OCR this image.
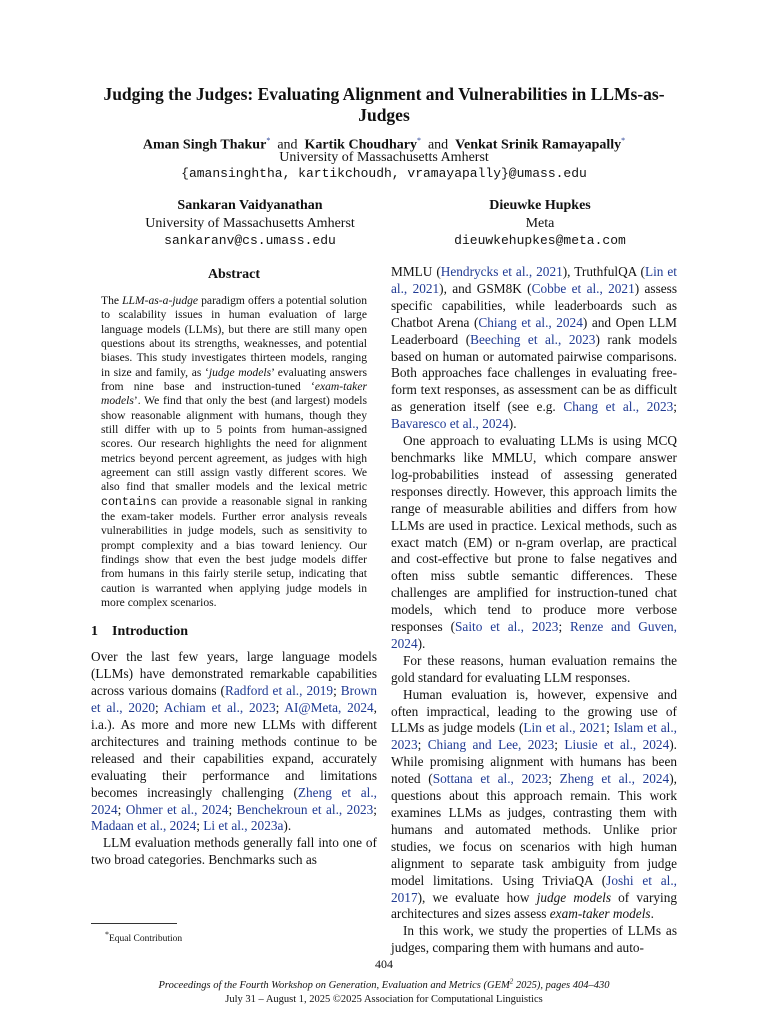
Judging the Judges: Evaluating Alignment and Vulnerabilities in LLMs-as-Judges
Aman Singh Thakur* and Kartik Choudhary* and Venkat Srinik Ramayapally*
University of Massachusetts Amherst
{amansinghtha, kartikchoudh, vramayapally}@umass.edu
Sankaran Vaidyanathan
University of Massachusetts Amherst
sankaranv@cs.umass.edu
Dieuwke Hupkes
Meta
dieuwkehupkes@meta.com
Abstract
The LLM-as-a-judge paradigm offers a potential solution to scalability issues in human evaluation of large language models (LLMs), but there are still many open questions about its strengths, weaknesses, and potential biases. This study investigates thirteen models, ranging in size and family, as ‘judge models’ evaluating answers from nine base and instruction-tuned ‘exam-taker models’. We find that only the best (and largest) models show reasonable alignment with humans, though they still differ with up to 5 points from human-assigned scores. Our research highlights the need for alignment metrics beyond percent agreement, as judges with high agreement can still assign vastly different scores. We also find that smaller models and the lexical metric contains can provide a reasonable signal in ranking the exam-taker models. Further error analysis reveals vulnerabilities in judge models, such as sensitivity to prompt complexity and a bias toward leniency. Our findings show that even the best judge models differ from humans in this fairly sterile setup, indicating that caution is warranted when applying judge models in more complex scenarios.
1 Introduction

Over the last few years, large language models (LLMs) have demonstrated remarkable capabilities across various domains (Radford et al., 2019; Brown et al., 2020; Achiam et al., 2023; AI@Meta, 2024, i.a.). As more and more new LLMs with different architectures and training methods continue to be released and their capabilities expand, accurately evaluating their performance and limitations becomes increasingly challenging (Zheng et al., 2024; Ohmer et al., 2024; Benchekroun et al., 2023; Madaan et al., 2024; Li et al., 2023a).

LLM evaluation methods generally fall into one of two broad categories. Benchmarks such as

MMLU (Hendrycks et al., 2021), TruthfulQA (Lin et al., 2021), and GSM8K (Cobbe et al., 2021) assess specific capabilities, while leaderboards such as Chatbot Arena (Chiang et al., 2024) and Open LLM Leaderboard (Beeching et al., 2023) rank models based on human or automated pairwise comparisons. Both approaches face challenges in evaluating free-form text responses, as assessment can be as difficult as generation itself (see e.g. Chang et al., 2023; Bavaresco et al., 2024).

One approach to evaluating LLMs is using MCQ benchmarks like MMLU, which compare answer log-probabilities instead of assessing generated responses directly. However, this approach limits the range of measurable abilities and differs from how LLMs are used in practice. Lexical methods, such as exact match (EM) or n-gram overlap, are practical and cost-effective but prone to false negatives and often miss subtle semantic differences. These challenges are amplified for instruction-tuned chat models, which tend to produce more verbose responses (Saito et al., 2023; Renze and Guven, 2024).

For these reasons, human evaluation remains the gold standard for evaluating LLM responses.

Human evaluation is, however, expensive and often impractical, leading to the growing use of LLMs as judge models (Lin et al., 2021; Islam et al., 2023; Chiang and Lee, 2023; Liusie et al., 2024). While promising alignment with humans has been noted (Sottana et al., 2023; Zheng et al., 2024), questions about this approach remain. This work examines LLMs as judges, contrasting them with humans and automated methods. Unlike prior studies, we focus on scenarios with high human alignment to separate task ambiguity from judge model limitations. Using TriviaQA (Joshi et al., 2017), we evaluate how judge models of varying architectures and sizes assess exam-taker models.

In this work, we study the properties of LLMs as judges, comparing them with humans and auto-

*Equal Contribution
404
Proceedings of the Fourth Workshop on Generation, Evaluation and Metrics (GEM$^2$ 2025), pages 404–430
July 31 – August 1, 2025 ©2025 Association for Computational Linguistics
